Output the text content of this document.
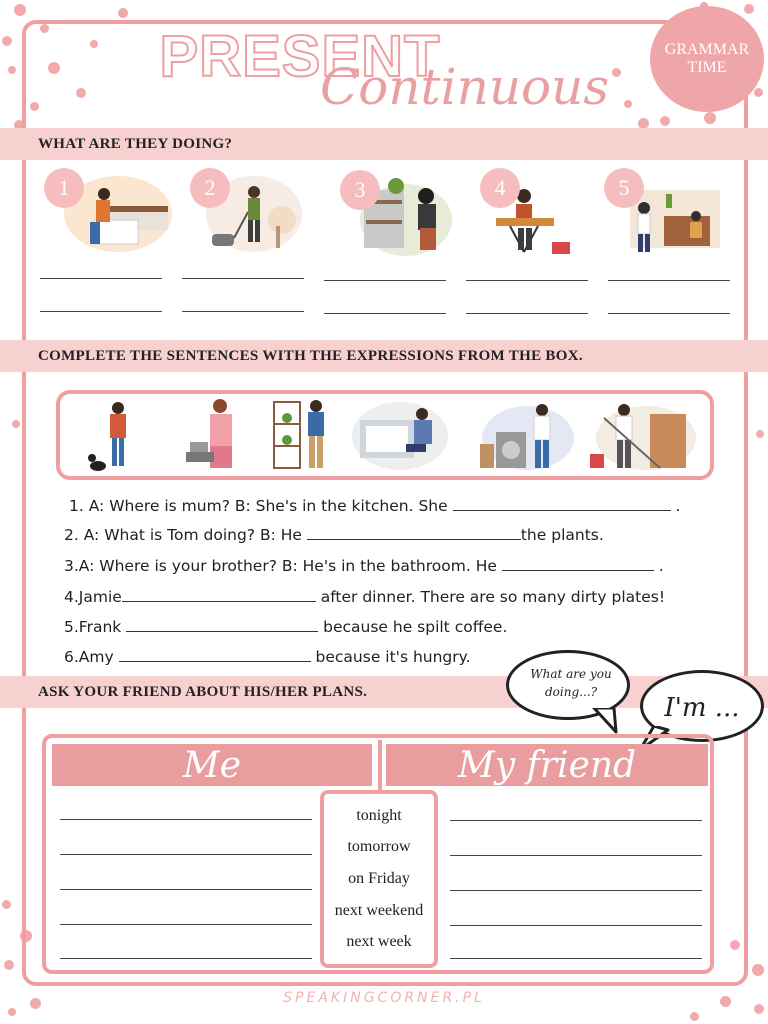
PRESENT
Continuous
GRAMMAR
TIME
WHAT ARE THEY DOING?
1	2	3	4	5
COMPLETE THE SENTENCES WITH THE EXPRESSIONS FROM THE BOX.
1. A: Where is mum? B: She's in the kitchen. She	.
2. A: What is Tom doing? B: He	the plants.
3.A: Where is your brother? B: He's in the bathroom. He	.
4.Jamie	after dinner. There are so many dirty plates!
5.Frank	because he spilt coffee.
6.Amy	because it's hungry.
ASK YOUR FRIEND ABOUT HIS/HER PLANS.
What are you doing...?
I'm ...
Me	My friend
tonight
tomorrow
on Friday
next weekend
next week
SPEAKINGCORNER.PL
